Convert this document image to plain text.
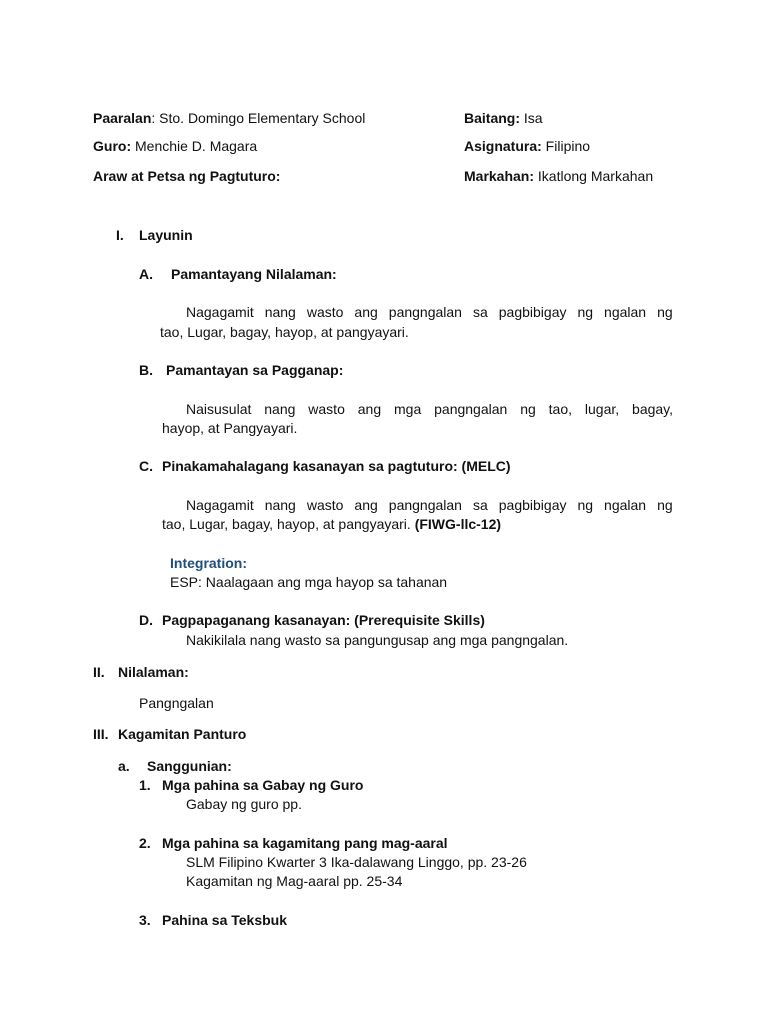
Paaralan: Sto. Domingo Elementary School	Baitang: Isa
Guro: Menchie D. Magara	Asignatura: Filipino
Araw at Petsa ng Pagtuturo:	Markahan: Ikatlong Markahan
I. Layunin
A. Pamantayang Nilalaman:
Nagagamit nang wasto ang pangngalan sa pagbibigay ng ngalan ng
tao, Lugar, bagay, hayop, at pangyayari.
B. Pamantayan sa Pagganap:
Naisusulat nang wasto ang mga pangngalan ng tao, lugar, bagay,
hayop, at Pangyayari.
C. Pinakamahalagang kasanayan sa pagtuturo: (MELC)
Nagagamit nang wasto ang pangngalan sa pagbibigay ng ngalan ng
tao, Lugar, bagay, hayop, at pangyayari. (FIWG-llc-12)
Integration:
ESP: Naalagaan ang mga hayop sa tahanan
D. Pagpapaganang kasanayan: (Prerequisite Skills)
Nakikilala nang wasto sa pangungusap ang mga pangngalan.
II. Nilalaman:
Pangngalan
III. Kagamitan Panturo
a. Sanggunian:
1. Mga pahina sa Gabay ng Guro
Gabay ng guro pp.
2. Mga pahina sa kagamitang pang mag-aaral
SLM Filipino Kwarter 3 Ika-dalawang Linggo, pp. 23-26
Kagamitan ng Mag-aaral pp. 25-34
3. Pahina sa Teksbuk
